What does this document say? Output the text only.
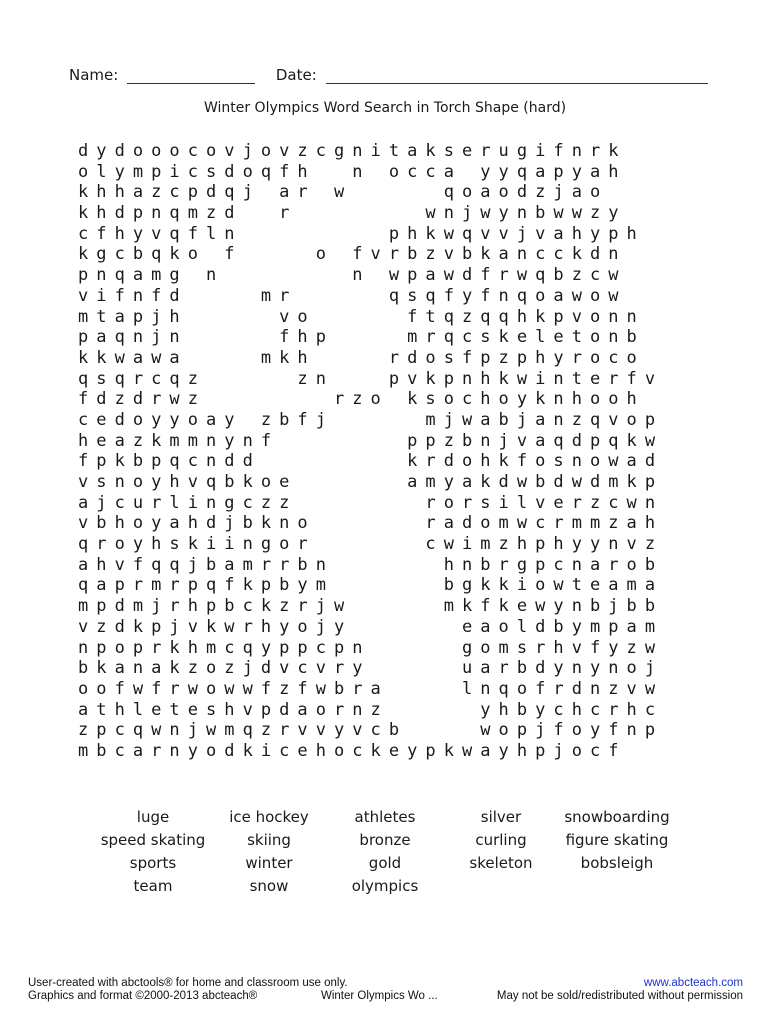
Name:	Date:
Winter Olympics Word Search in Torch Shape (hard)
dydooocovjovzcgnitakserugifnrk
olympicsdoqfh  n occa yyqapyah
khhazcpdqj ar w     qoaodzjao
khdpnqmzd  r       wnjwynbwwzy
cfhyvqfln        phkwqvvjvahyph
kgcbqko f    o fvrbzvbkancckdn
pnqamg n       n wpawdfrwqbzcw
vifnfd    mr     qsqfyfnqoawow
mtapjh     vo     ftqzqqhkpvonn
paqnjn     fhp    mrqcskeletonb
kkwawa    mkh    rdosfpzphyroco
qsqrcqz     zn   pvkpnhkwinterfv
fdzdrwz       rzo ksochoyknhooh
cedoyyoay zbfj     mjwabjanzqvop
heazkmmnynf       ppzbnjvaqdpqkw
fpkbpqcndd        krdohkfosnowad
vsnoyhvqbkoe      amyakdwbdwdmkp
ajcurlingczz       rorsilverzcwn
vbhoyahdjbkno      radomwcrmmzah
qroyhskiingor      cwimzhphyynvz
ahvfqqjbamrrbn      hnbrgpcnarob
qaprmrpqfkpbym      bgkkiowteama
mpdmjrhpbckzrjw     mkfkewynbjbb
vzdkpjvkwrhyojy      eaoldbympam
npoprkhmcqyppcpn     gomsrhvfyzw
bkanakzozjdvcvry     uarbdynynoj
oofwfrwowwfzfwbra    lnqofrdnzvw
athleteshvpdaornz     yhbychcrhc
zpcqwnjwmqzrvvyvcb    wopjfoyfnp
mbcarnyodkicehockeypkwayhpjocf
luge	ice hockey	athletes	silver	snowboarding
speed skating	skiing	bronze	curling	figure skating
sports	winter	gold	skeleton	bobsleigh
team	snow	olympics
User-created with abctools® for home and classroom use only.	www.abcteach.com
Graphics and format ©2000-2013 abcteach®	Winter Olympics Wo ...	May not be sold/redistributed without permission
